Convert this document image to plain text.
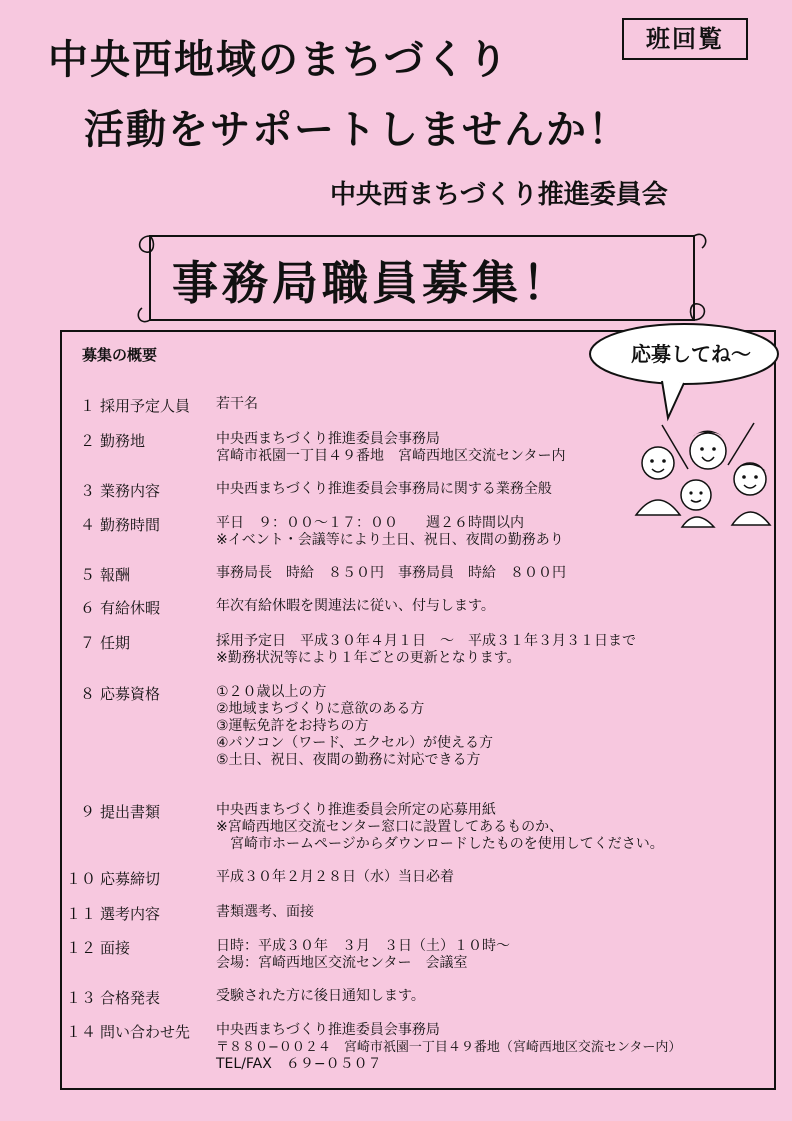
班回覧
中央西地域のまちづくり
活動をサポートしませんか！
中央西まちづくり推進委員会
事務局職員募集！
募集の概要	応募してね〜
１ 採用予定人員 若干名
２ 勤務地	中央西まちづくり推進委員会事務局
宮崎市祇園一丁目４９番地　宮崎西地区交流センター内
３ 業務内容	中央西まちづくり推進委員会事務局に関する業務全般
４ 勤務時間	平日　９：００〜１７：００　　週２６時間以内
※イベント・会議等により土日、祝日、夜間の勤務あり
５ 報酬	事務局長　時給　８５０円　事務局員　時給　８００円
６ 有給休暇	年次有給休暇を関連法に従い、付与します。
７ 任期	採用予定日　平成３０年４月１日　〜　平成３１年３月３１日まで
※勤務状況等により１年ごとの更新となります。
８ 応募資格	①２０歳以上の方
②地域まちづくりに意欲のある方
③運転免許をお持ちの方
④パソコン（ワード、エクセル）が使える方
⑤土日、祝日、夜間の勤務に対応できる方
９ 提出書類	中央西まちづくり推進委員会所定の応募用紙
※宮崎西地区交流センター窓口に設置してあるものか、
　宮崎市ホームページからダウンロードしたものを使用してください。
１０ 応募締切	平成３０年２月２８日（水）当日必着
１１ 選考内容	書類選考、面接
１２ 面接	日時：平成３０年　３月　３日（土）１０時〜
会場：宮崎西地区交流センター　会議室
１３ 合格発表	受験された方に後日通知します。
１４ 問い合わせ先 中央西まちづくり推進委員会事務局
〒８８０−００２４　宮崎市祇園一丁目４９番地（宮崎西地区交流センター内）
TEL/FAX　６９−０５０７
